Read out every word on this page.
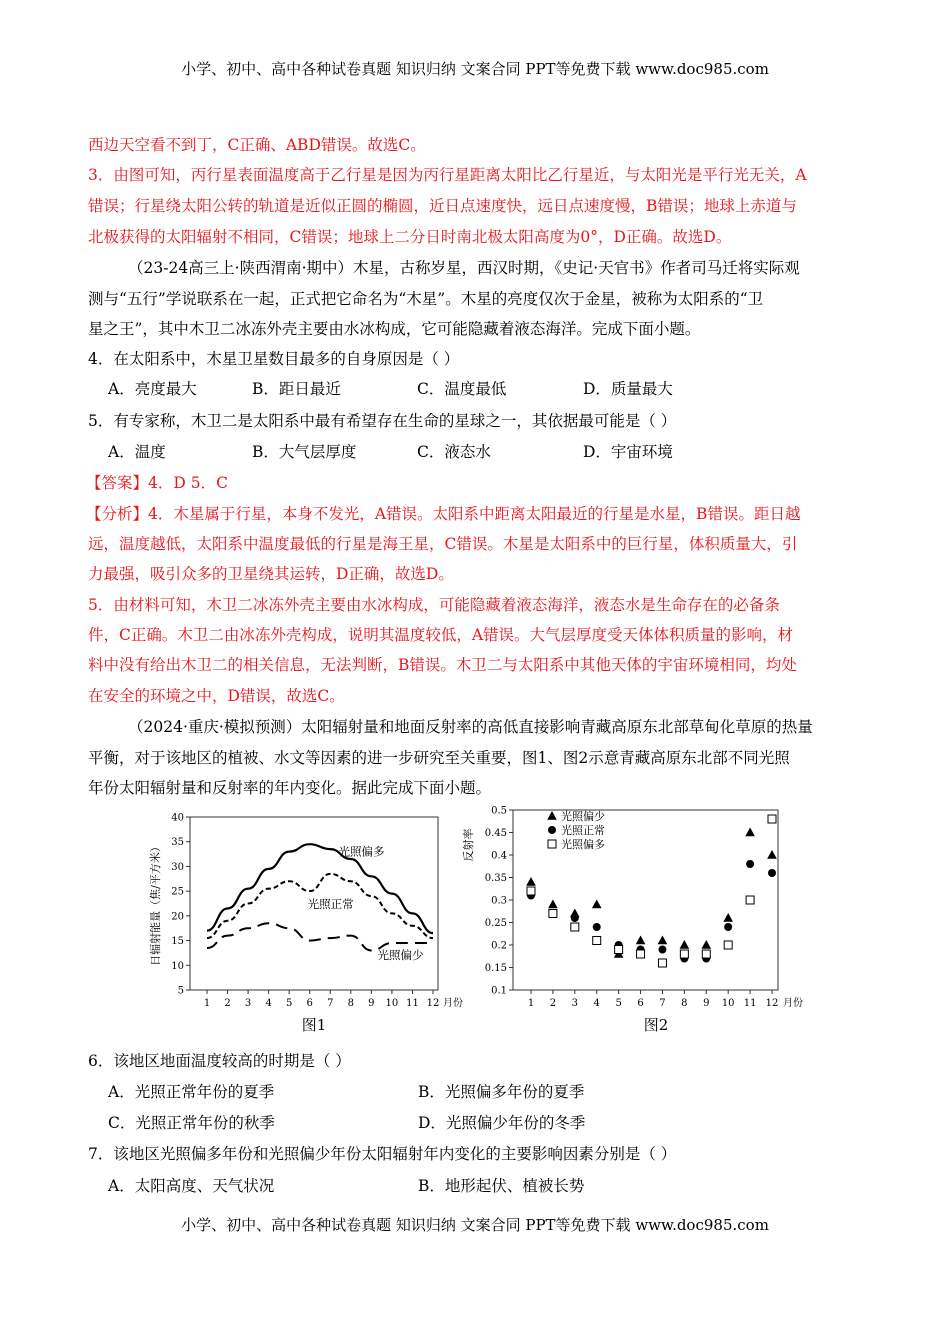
小学、初中、高中各种试卷真题 知识归纳 文案合同 PPT等免费下载 www.doc985.com
西边天空看不到丁，C正确、ABD错误。故选C。
3．由图可知，丙行星表面温度高于乙行星是因为丙行星距离太阳比乙行星近，与太阳光是平行光无关，A
错误；行星绕太阳公转的轨道是近似正圆的椭圆，近日点速度快，远日点速度慢，B错误；地球上赤道与
北极获得的太阳辐射不相同，C错误；地球上二分日时南北极太阳高度为0°，D正确。故选D。
（23-24高三上·陕西渭南·期中）木星，古称岁星，西汉时期，《史记·天官书》作者司马迁将实际观
测与“五行”学说联系在一起，正式把它命名为“木星”。木星的亮度仅次于金星，被称为太阳系的“卫
星之王”，其中木卫二冰冻外壳主要由水冰构成，它可能隐藏着液态海洋。完成下面小题。
4．在太阳系中，木星卫星数目最多的自身原因是（ ）
A．亮度最大	B．距日最近	C．温度最低	D．质量最大
5．有专家称，木卫二是太阳系中最有希望存在生命的星球之一，其依据最可能是（ ）
A．温度	B．大气层厚度	C．液态水	D．宇宙环境
【答案】4．D 5．C
【分析】4．木星属于行星，本身不发光，A错误。太阳系中距离太阳最近的行星是水星，B错误。距日越
远，温度越低，太阳系中温度最低的行星是海王星，C错误。木星是太阳系中的巨行星，体积质量大，引
力最强，吸引众多的卫星绕其运转，D正确，故选D。
5．由材料可知，木卫二冰冻外壳主要由水冰构成，可能隐藏着液态海洋，液态水是生命存在的必备条
件，C正确。木卫二由冰冻外壳构成，说明其温度较低，A错误。大气层厚度受天体体积质量的影响，材
料中没有给出木卫二的相关信息，无法判断，B错误。木卫二与太阳系中其他天体的宇宙环境相同，均处
在安全的环境之中，D错误，故选C。
（2024·重庆·模拟预测）太阳辐射量和地面反射率的高低直接影响青藏高原东北部草甸化草原的热量
平衡，对于该地区的植被、水文等因素的进一步研究至关重要，图1、图2示意青藏高原东北部不同光照
年份太阳辐射量和反射率的年内变化。据此完成下面小题。
5
10
15
20
25
30
35
40
1 2 3 4 5 6 7 8 9 10 11 12 月份
日辐射能量（焦/平方米）	光照偏多
光照正常
光照偏少
图1
0.1
0.15
0.2
0.25
0.3
0.35
0.4
0.45
0.5
1 2 3 4 5 6 7 8 9 10 11 12 月份
反射率
光照偏少
光照正常
光照偏多
图2
6．该地区地面温度较高的时期是（ ）
A．光照正常年份的夏季	B．光照偏多年份的夏季
C．光照正常年份的秋季	D．光照偏少年份的冬季
7．该地区光照偏多年份和光照偏少年份太阳辐射年内变化的主要影响因素分别是（ ）
A．太阳高度、天气状况	B．地形起伏、植被长势
小学、初中、高中各种试卷真题 知识归纳 文案合同 PPT等免费下载 www.doc985.com
